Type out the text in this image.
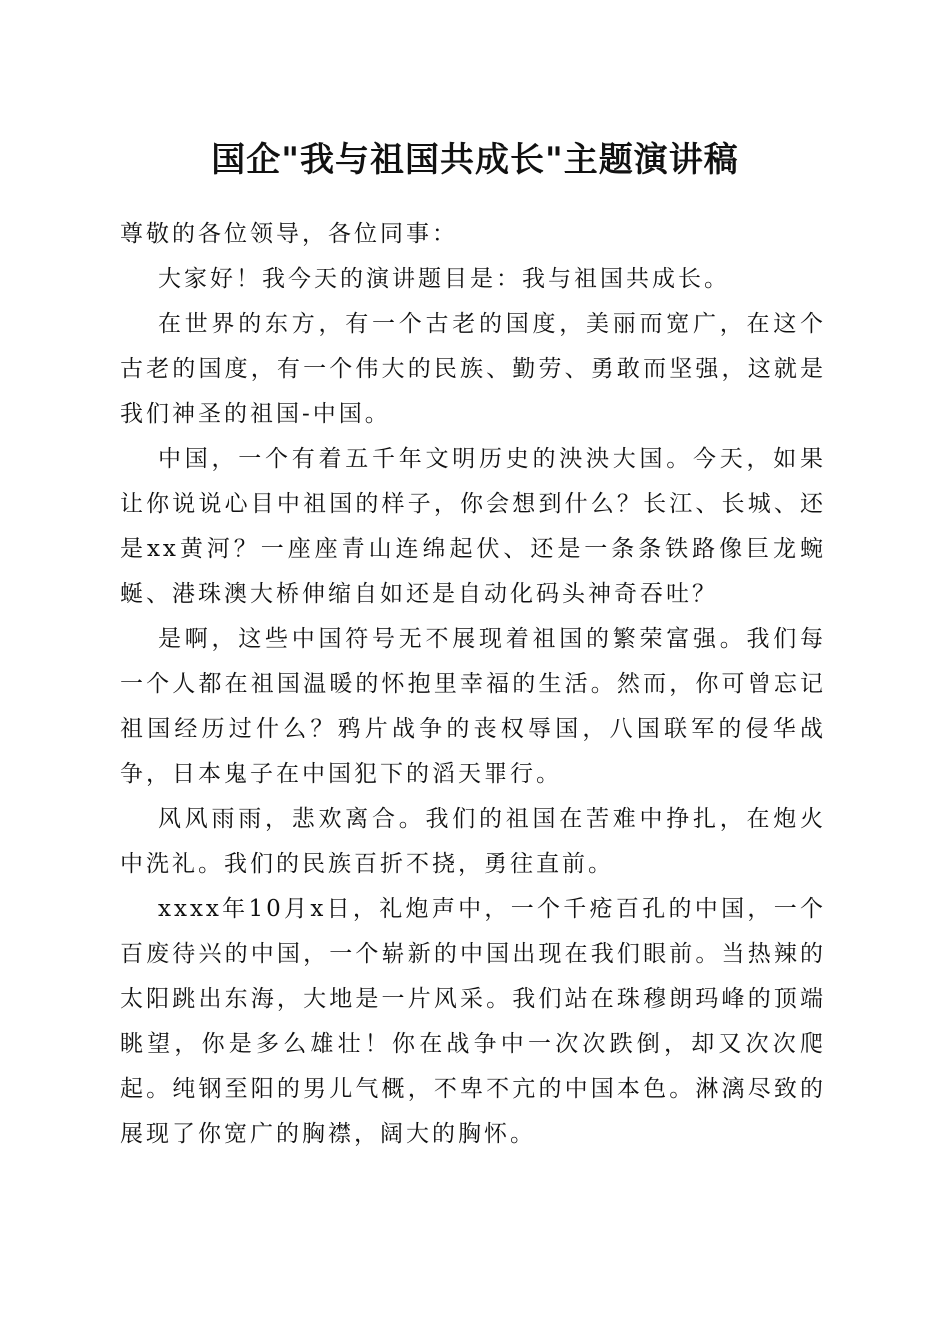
国企"我与祖国共成长"主题演讲稿

尊敬的各位领导，各位同事：

大家好！我今天的演讲题目是：我与祖国共成长。

在世界的东方，有一个古老的国度，美丽而宽广，在这个古老的国度，有一个伟大的民族、勤劳、勇敢而坚强，这就是我们神圣的祖国-中国。

中国，一个有着五千年文明历史的泱泱大国。今天，如果让你说说心目中祖国的样子，你会想到什么？长江、长城、还是xx黄河？一座座青山连绵起伏、还是一条条铁路像巨龙蜿蜒、港珠澳大桥伸缩自如还是自动化码头神奇吞吐？

是啊，这些中国符号无不展现着祖国的繁荣富强。我们每一个人都在祖国温暖的怀抱里幸福的生活。然而，你可曾忘记祖国经历过什么？鸦片战争的丧权辱国，八国联军的侵华战争，日本鬼子在中国犯下的滔天罪行。

风风雨雨，悲欢离合。我们的祖国在苦难中挣扎，在炮火中洗礼。我们的民族百折不挠，勇往直前。

xxxx年10月x日，礼炮声中，一个千疮百孔的中国，一个百废待兴的中国，一个崭新的中国出现在我们眼前。当热辣的太阳跳出东海，大地是一片风采。我们站在珠穆朗玛峰的顶端眺望，你是多么雄壮！你在战争中一次次跌倒，却又次次爬起。纯钢至阳的男儿气概，不卑不亢的中国本色。淋漓尽致的展现了你宽广的胸襟，阔大的胸怀。
